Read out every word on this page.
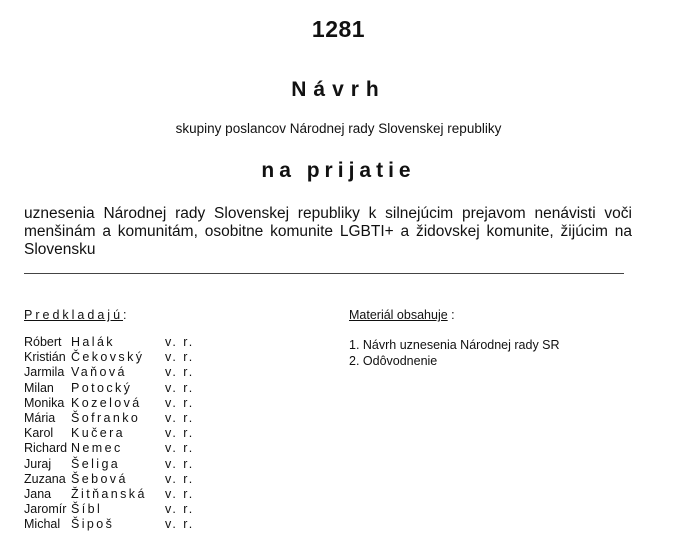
1281
Návrh
skupiny poslancov Národnej rady Slovenskej republiky
na prijatie
uznesenia Národnej rady Slovenskej republiky k silnejúcim prejavom nenávisti voči menšinám a komunitám, osobitne komunite LGBTI+ a židovskej komunite, žijúcim na Slovensku
Predkladajú:
Róbert Halák	v. r.
Kristián Čekovský v. r.
Jarmila Vaňová	v. r.
Milan Potocký	v. r.
Monika Kozelová v. r.
Mária Šofranko v. r.
Karol Kučera	v. r.
Richard Nemec	v. r.
Juraj Šeliga	v. r.
Zuzana Šebová	v. r.
Jana Žitňanská v. r.
Jaromír Šíbl	v. r.
Michal Šipoš	v. r.
Materiál obsahuje :
1. Návrh uznesenia Národnej rady SR
2. Odôvodnenie
